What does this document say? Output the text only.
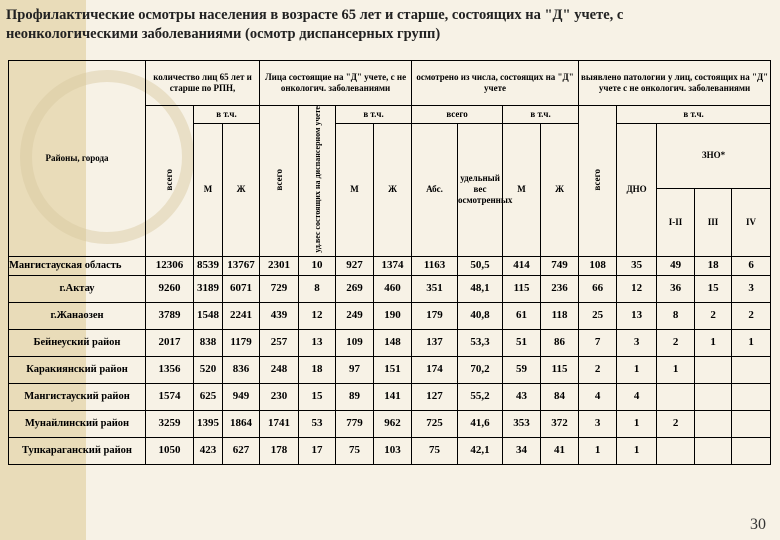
Профилактические осмотры населения в возрасте 65 лет и старше, состоящих на "Д" учете, с неонкологическими заболеваниями (осмотр диспансерных групп)
Районы, города	количество лиц 65 лет и старше по РПН,			Лица состоящие на "Д" учете, с не онкологич. заболеваниями				осмотрено из числа, состоящих на "Д" учете				выявлено патологии у лиц, состоящих на "Д" учете с не онкологич. заболеваниями				
	всего	в т.ч.		всего	уд.вес состоящих на диспансерном учете	в т.ч.		всего		в т.ч.		всего	в т.ч.			
		М	Ж			М	Ж	Абс.	удельный вес осмотренных	М	Ж		ДНО	ЗНО*		
														I-II	III	IV
Мангистауская область	12306	8539	13767	2301	10	927	1374	1163	50,5	414	749	108	35	49	18	6
г.Актау	9260	3189	6071	729	8	269	460	351	48,1	115	236	66	12	36	15	3
г.Жанаозен	3789	1548	2241	439	12	249	190	179	40,8	61	118	25	13	8	2	2
Бейнеуский район	2017	838	1179	257	13	109	148	137	53,3	51	86	7	3	2	1	1
Каракиянский район	1356	520	836	248	18	97	151	174	70,2	59	115	2	1	1		
Мангистауский район	1574	625	949	230	15	89	141	127	55,2	43	84	4	4			
Мунайлинский район	3259	1395	1864	1741	53	779	962	725	41,6	353	372	3	1	2		
Тупкараганский район	1050	423	627	178	17	75	103	75	42,1	34	41	1	1			
30
